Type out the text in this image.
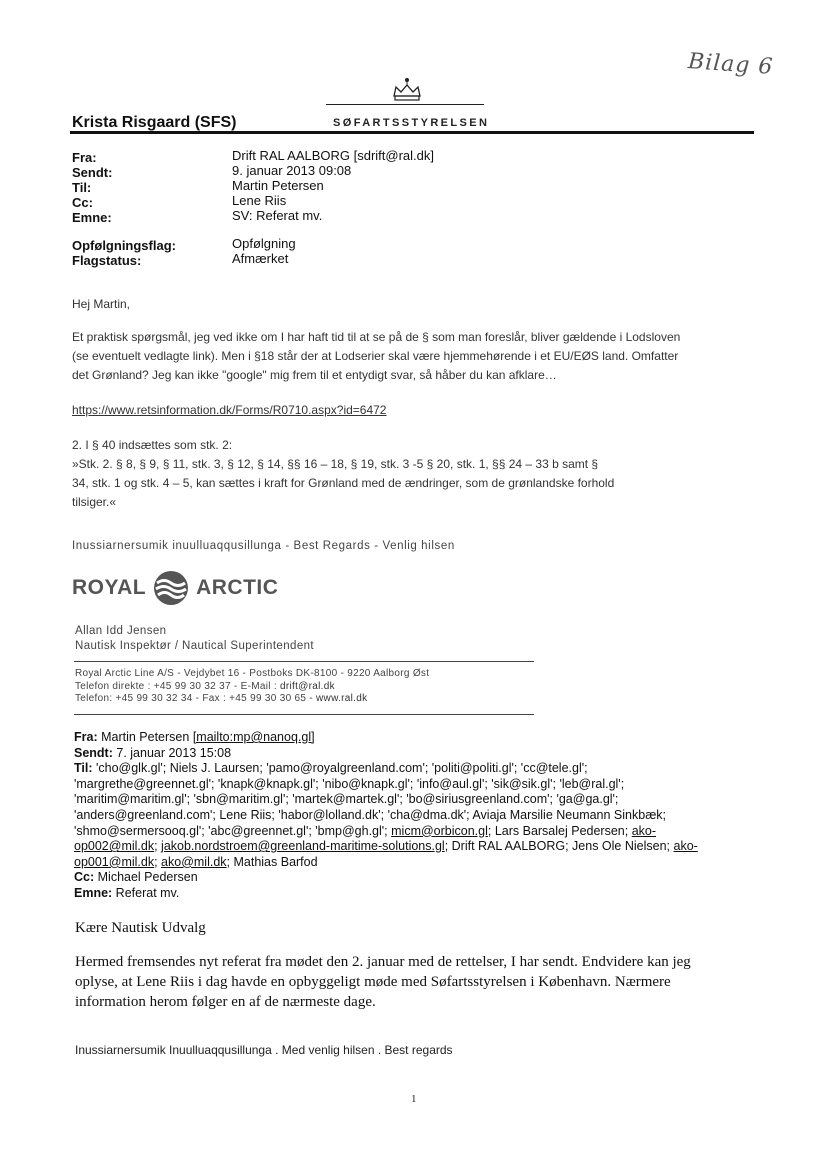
Bilag 6
SØFARTSSTYRELSEN
Krista Risgaard (SFS)
Fra:
Sendt:
Til:
Cc:
Emne:
Drift RAL AALBORG [sdrift@ral.dk]
9. januar 2013 09:08
Martin Petersen
Lene Riis
SV: Referat mv.
Opfølgningsflag:
Flagstatus:
Opfølgning
Afmærket
Hej Martin,
Et praktisk spørgsmål, jeg ved ikke om I har haft tid til at se på de § som man foreslår, bliver gældende i Lodsloven
(se eventuelt vedlagte link). Men i §18 står der at Lodserier skal være hjemmehørende i et EU/EØS land. Omfatter
det Grønland? Jeg kan ikke "google" mig frem til et entydigt svar, så håber du kan afklare…
https://www.retsinformation.dk/Forms/R0710.aspx?id=6472
2. I § 40 indsættes som stk. 2:
»Stk. 2. § 8, § 9, § 11, stk. 3, § 12, § 14, §§ 16 – 18, § 19, stk. 3 -5 § 20, stk. 1, §§ 24 – 33 b samt §
34, stk. 1 og stk. 4 – 5, kan sættes i kraft for Grønland med de ændringer, som de grønlandske forhold
tilsiger.«
Inussiarnersumik inuulluaqqusillunga - Best Regards - Venlig hilsen
ROYAL ARCTIC
Allan Idd Jensen
Nautisk Inspektør / Nautical Superintendent
Royal Arctic Line A/S - Vejdybet 16 - Postboks DK-8100 - 9220 Aalborg Øst
Telefon direkte : +45 99 30 32 37 - E-Mail : drift@ral.dk
Telefon: +45 99 30 32 34 - Fax : +45 99 30 30 65 - www.ral.dk
Fra: Martin Petersen [mailto:mp@nanoq.gl]
Sendt: 7. januar 2013 15:08
Til: 'cho@glk.gl'; Niels J. Laursen; 'pamo@royalgreenland.com'; 'politi@politi.gl'; 'cc@tele.gl';
'margrethe@greennet.gl'; 'knapk@knapk.gl'; 'nibo@knapk.gl'; 'info@aul.gl'; 'sik@sik.gl'; 'leb@ral.gl';
'maritim@maritim.gl'; 'sbn@maritim.gl'; 'martek@martek.gl'; 'bo@siriusgreenland.com'; 'ga@ga.gl';
'anders@greenland.com'; Lene Riis; 'habor@lolland.dk'; 'cha@dma.dk'; Aviaja Marsilie Neumann Sinkbæk;
'shmo@sermersooq.gl'; 'abc@greennet.gl'; 'bmp@gh.gl'; micm@orbicon.gl; Lars Barsalej Pedersen; ako-
op002@mil.dk; jakob.nordstroem@greenland-maritime-solutions.gl; Drift RAL AALBORG; Jens Ole Nielsen; ako-
op001@mil.dk; ako@mil.dk; Mathias Barfod
Cc: Michael Pedersen
Emne: Referat mv.
Kære Nautisk Udvalg
Hermed fremsendes nyt referat fra mødet den 2. januar med de rettelser, I har sendt. Endvidere kan jeg
oplyse, at Lene Riis i dag havde en opbyggeligt møde med Søfartsstyrelsen i København. Nærmere
information herom følger en af de nærmeste dage.
Inussiarnersumik Inuulluaqqusillunga . Med venlig hilsen . Best regards
1
